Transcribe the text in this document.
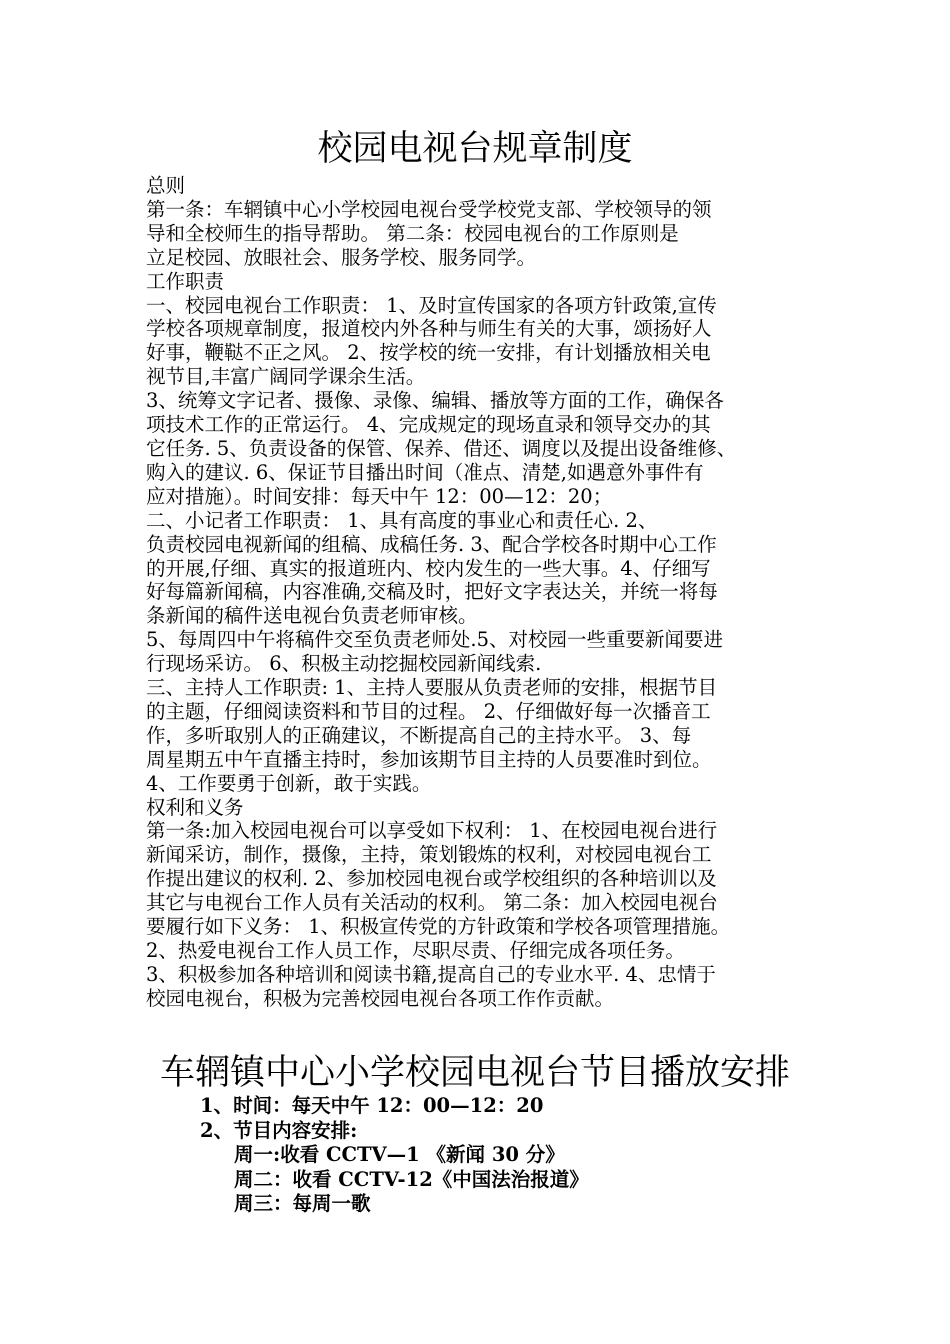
校园电视台规章制度

总则

第一条：车辋镇中心小学校园电视台受学校党支部、学校领导的领

导和全校师生的指导帮助。 第二条：校园电视台的工作原则是

立足校园、放眼社会、服务学校、服务同学。

工作职责

一、校园电视台工作职责： 1、及时宣传国家的各项方针政策,宣传

学校各项规章制度，报道校内外各种与师生有关的大事，颂扬好人

好事，鞭鞑不正之风。 2、按学校的统一安排，有计划播放相关电

视节目,丰富广阔同学课余生活。

3、统筹文字记者、摄像、录像、编辑、播放等方面的工作，确保各

项技术工作的正常运行。 4、完成规定的现场直录和领导交办的其

它任务. 5、负责设备的保管、保养、借还、调度以及提出设备维修、

购入的建议. 6、保证节目播出时间（准点、清楚,如遇意外事件有

应对措施）。时间安排：每天中午 12：00—12：20；

二、小记者工作职责： 1、具有高度的事业心和责任心. 2、

负责校园电视新闻的组稿、成稿任务. 3、配合学校各时期中心工作

的开展,仔细、真实的报道班内、校内发生的一些大事。4、仔细写

好每篇新闻稿，内容准确,交稿及时，把好文字表达关，并统一将每

条新闻的稿件送电视台负责老师审核。

5、每周四中午将稿件交至负责老师处.5、对校园一些重要新闻要进

行现场采访。 6、积极主动挖掘校园新闻线索.

三、主持人工作职责: 1、主持人要服从负责老师的安排，根据节目

的主题，仔细阅读资料和节目的过程。 2、仔细做好每一次播音工

作，多听取别人的正确建议，不断提高自己的主持水平。 3、每

周星期五中午直播主持时，参加该期节目主持的人员要准时到位。

4、工作要勇于创新，敢于实践。

权利和义务

第一条:加入校园电视台可以享受如下权利： 1、在校园电视台进行

新闻采访，制作，摄像，主持，策划锻炼的权利，对校园电视台工

作提出建议的权利. 2、参加校园电视台或学校组织的各种培训以及

其它与电视台工作人员有关活动的权利。 第二条：加入校园电视台

要履行如下义务： 1、积极宣传党的方针政策和学校各项管理措施。

2、热爱电视台工作人员工作，尽职尽责、仔细完成各项任务。

3、积极参加各种培训和阅读书籍,提高自己的专业水平. 4、忠情于

校园电视台，积极为完善校园电视台各项工作作贡献。

车辋镇中心小学校园电视台节目播放安排

1、时间：每天中午 12：00—12：20

2、节目内容安排:

周一:收看 CCTV—1 《新闻 30 分》

周二：收看 CCTV-12《中国法治报道》

周三：每周一歌
